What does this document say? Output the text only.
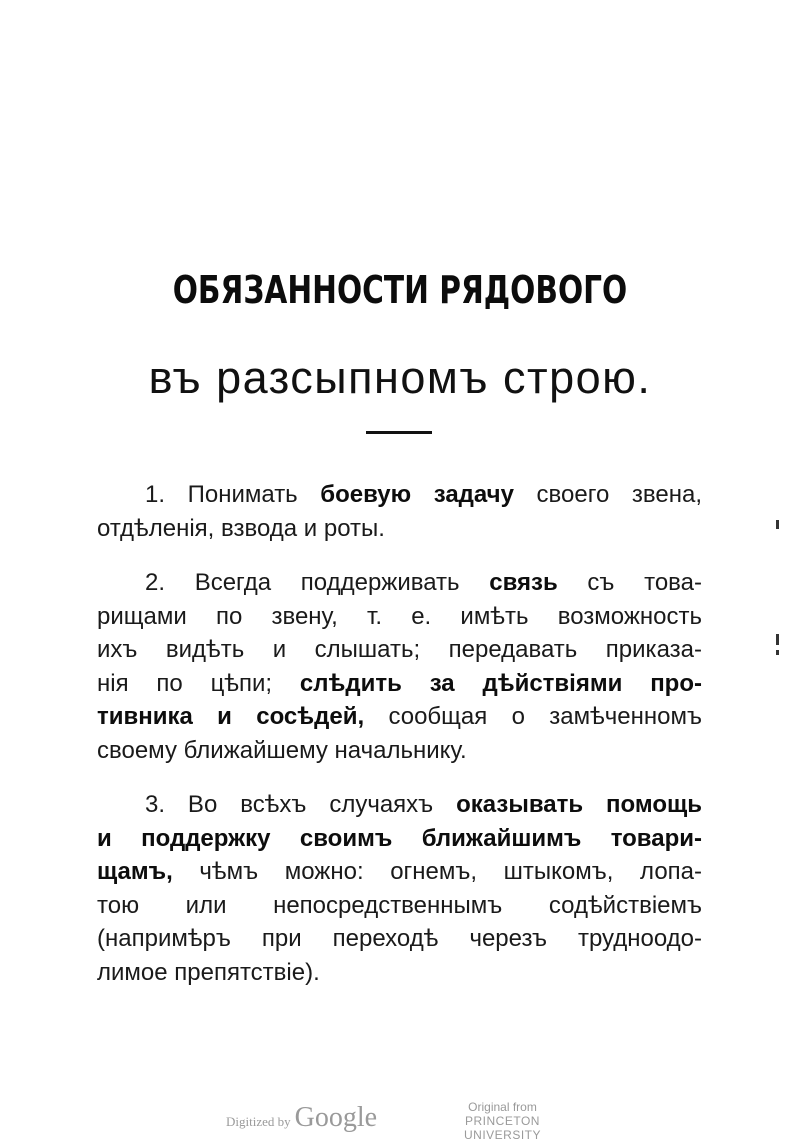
ОБЯЗАННОСТИ РЯДОВОГО
въ разсыпномъ строю.
1. Понимать боевую задачу своего звена,
отдѣленія, взвода и роты.
2. Всегда поддерживать связь съ това-
рищами по звену, т. е. имѣть возможность
ихъ видѣть и слышать; передавать приказа-
нія по цѣпи; слѣдить за дѣйствіями про-
тивника и сосѣдей, сообщая о замѣченномъ
своему ближайшему начальнику.
3. Во всѣхъ случаяхъ оказывать помощь
и поддержку своимъ ближайшимъ товари-
щамъ, чѣмъ можно: огнемъ, штыкомъ, лопа-
тою или непосредственнымъ содѣйствіемъ
(напримѣръ при переходѣ черезъ трудноодо-
лимое препятствіе).
Digitized by Google	Original from
PRINCETON UNIVERSITY
